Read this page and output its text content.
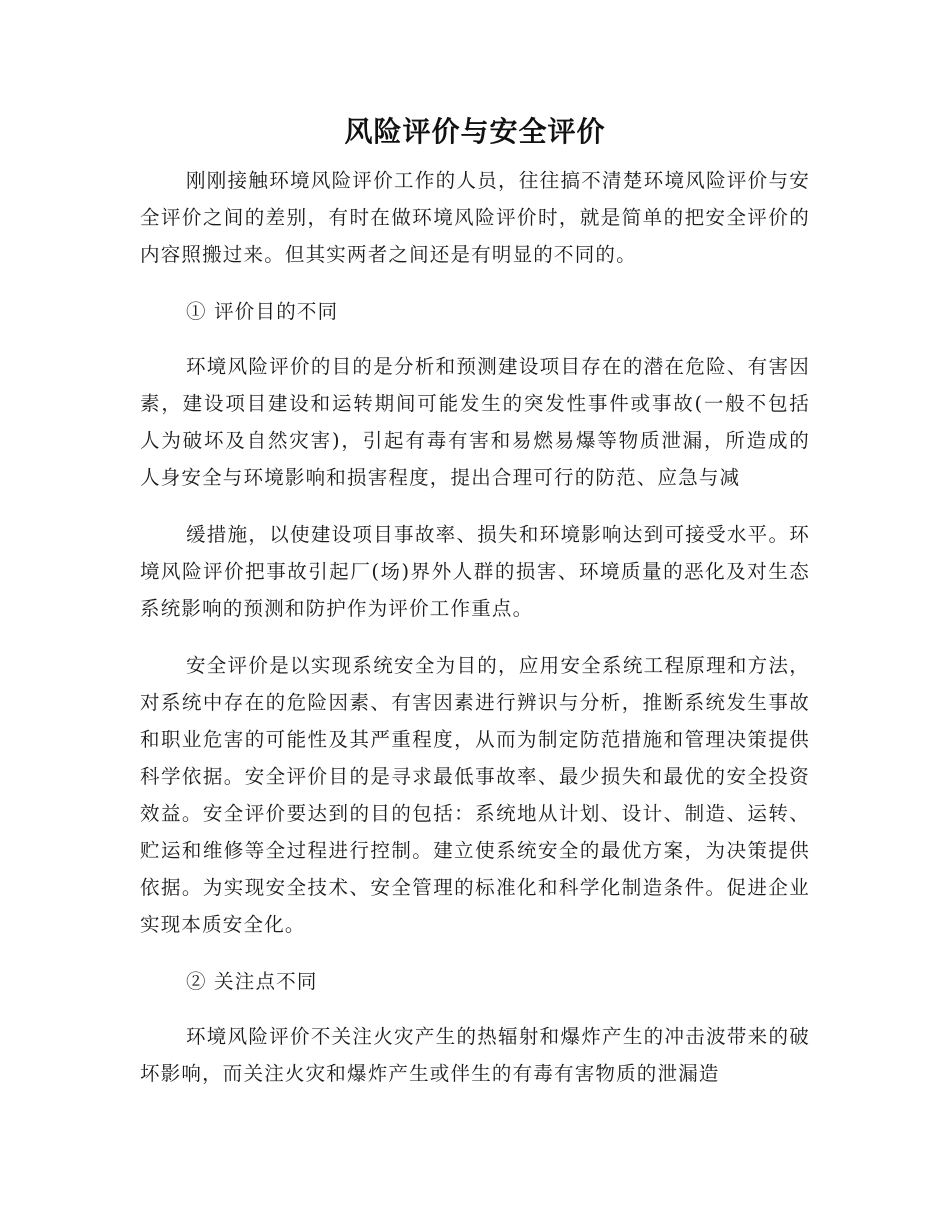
风险评价与安全评价

刚刚接触环境风险评价工作的人员，往往搞不清楚环境风险评价与安全评价之间的差别，有时在做环境风险评价时，就是简单的把安全评价的内容照搬过来。但其实两者之间还是有明显的不同的。

① 评价目的不同

环境风险评价的目的是分析和预测建设项目存在的潜在危险、有害因素，建设项目建设和运转期间可能发生的突发性事件或事故(一般不包括人为破坏及自然灾害)，引起有毒有害和易燃易爆等物质泄漏，所造成的人身安全与环境影响和损害程度，提出合理可行的防范、应急与减

缓措施，以使建设项目事故率、损失和环境影响达到可接受水平。环境风险评价把事故引起厂(场)界外人群的损害、环境质量的恶化及对生态系统影响的预测和防护作为评价工作重点。

安全评价是以实现系统安全为目的，应用安全系统工程原理和方法，对系统中存在的危险因素、有害因素进行辨识与分析，推断系统发生事故和职业危害的可能性及其严重程度，从而为制定防范措施和管理决策提供科学依据。安全评价目的是寻求最低事故率、最少损失和最优的安全投资效益。安全评价要达到的目的包括：系统地从计划、设计、制造、运转、贮运和维修等全过程进行控制。建立使系统安全的最优方案，为决策提供依据。为实现安全技术、安全管理的标准化和科学化制造条件。促进企业实现本质安全化。

② 关注点不同

环境风险评价不关注火灾产生的热辐射和爆炸产生的冲击波带来的破坏影响，而关注火灾和爆炸产生或伴生的有毒有害物质的泄漏造
